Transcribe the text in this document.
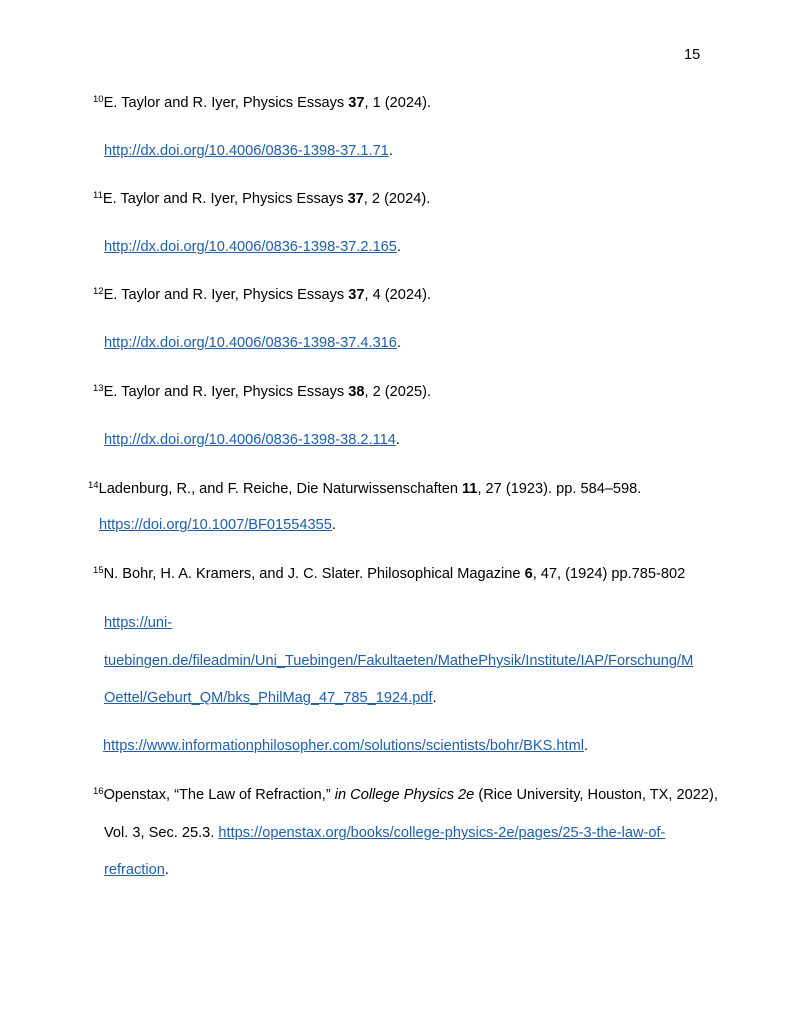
15
$^{10}$E. Taylor and R. Iyer, Physics Essays 37, 1 (2024).
http://dx.doi.org/10.4006/0836-1398-37.1.71.
$^{11}$E. Taylor and R. Iyer, Physics Essays 37, 2 (2024).
http://dx.doi.org/10.4006/0836-1398-37.2.165.
$^{12}$E. Taylor and R. Iyer, Physics Essays 37, 4 (2024).
http://dx.doi.org/10.4006/0836-1398-37.4.316.
$^{13}$E. Taylor and R. Iyer, Physics Essays 38, 2 (2025).
http://dx.doi.org/10.4006/0836-1398-38.2.114.
$^{14}$Ladenburg, R., and F. Reiche, Die Naturwissenschaften 11, 27 (1923). pp. 584–598.
https://doi.org/10.1007/BF01554355.
$^{15}$N. Bohr, H. A. Kramers, and J. C. Slater. Philosophical Magazine 6, 47, (1924) pp.785-802
https://uni-
tuebingen.de/fileadmin/Uni_Tuebingen/Fakultaeten/MathePhysik/Institute/IAP/Forschung/M
Oettel/Geburt_QM/bks_PhilMag_47_785_1924.pdf.
https://www.informationphilosopher.com/solutions/scientists/bohr/BKS.html.
$^{16}$Openstax, “The Law of Refraction,” in College Physics 2e (Rice University, Houston, TX, 2022),
Vol. 3, Sec. 25.3. https://openstax.org/books/college-physics-2e/pages/25-3-the-law-of-
refraction.
